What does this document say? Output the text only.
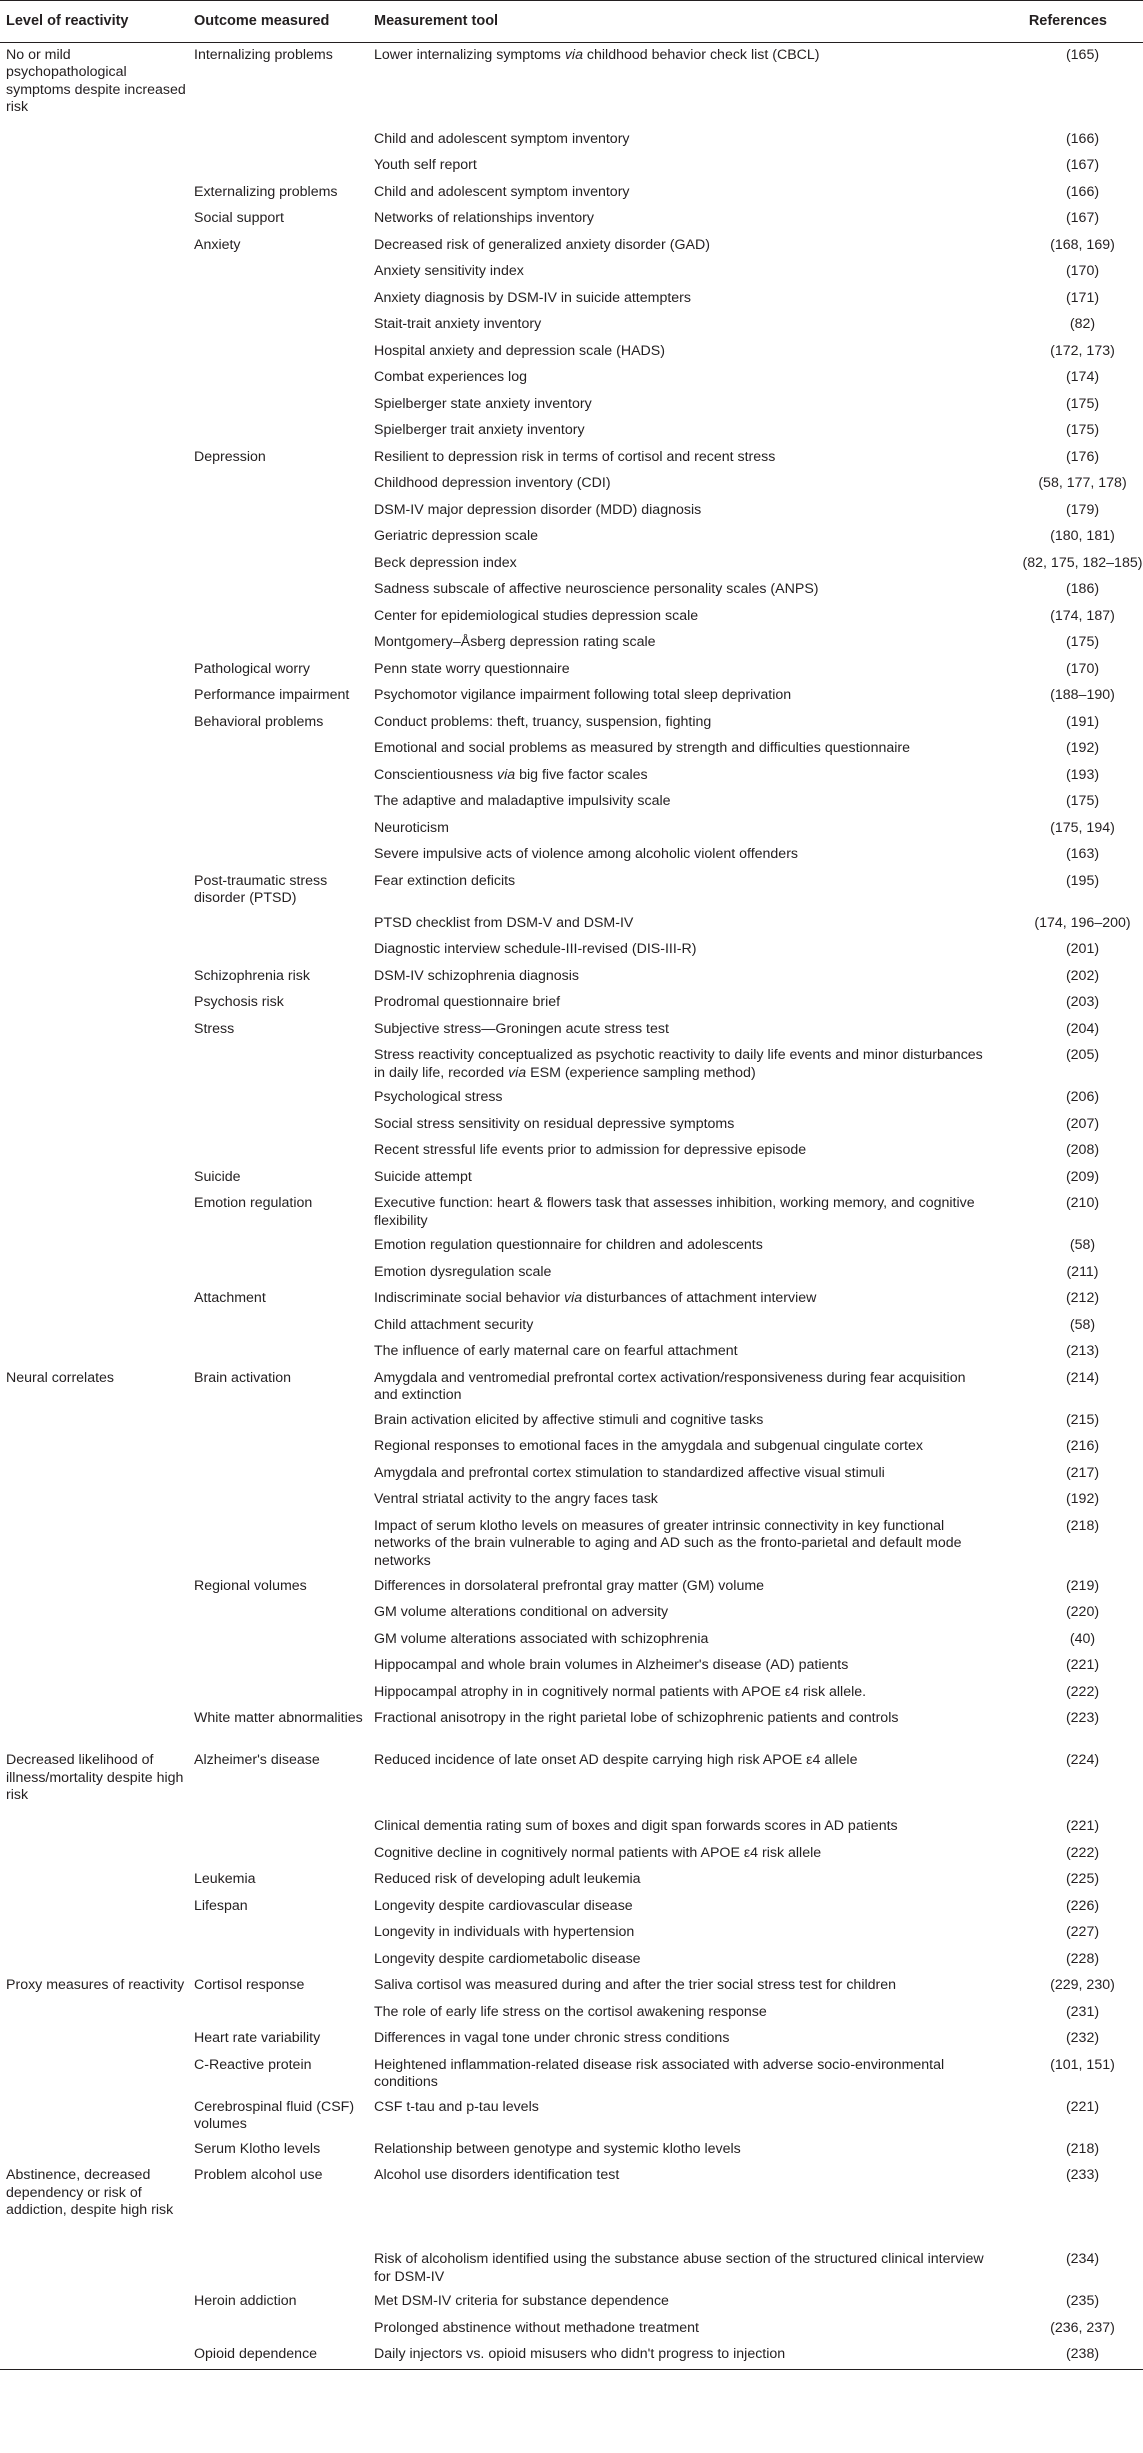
Level of reactivity	Outcome measured	Measurement tool	References
No or mild psychopathological symptoms despite increased risk	Internalizing problems	Lower internalizing symptoms via childhood behavior check list (CBCL)	(165)
		Child and adolescent symptom inventory	(166)
		Youth self report	(167)
	Externalizing problems	Child and adolescent symptom inventory	(166)
	Social support	Networks of relationships inventory	(167)
	Anxiety	Decreased risk of generalized anxiety disorder (GAD)	(168, 169)
		Anxiety sensitivity index	(170)
		Anxiety diagnosis by DSM-IV in suicide attempters	(171)
		Stait-trait anxiety inventory	(82)
		Hospital anxiety and depression scale (HADS)	(172, 173)
		Combat experiences log	(174)
		Spielberger state anxiety inventory	(175)
		Spielberger trait anxiety inventory	(175)
	Depression	Resilient to depression risk in terms of cortisol and recent stress	(176)
		Childhood depression inventory (CDI)	(58, 177, 178)
		DSM-IV major depression disorder (MDD) diagnosis	(179)
		Geriatric depression scale	(180, 181)
		Beck depression index	(82, 175, 182–185)
		Sadness subscale of affective neuroscience personality scales (ANPS)	(186)
		Center for epidemiological studies depression scale	(174, 187)
		Montgomery–Åsberg depression rating scale	(175)
	Pathological worry	Penn state worry questionnaire	(170)
	Performance impairment	Psychomotor vigilance impairment following total sleep deprivation	(188–190)
	Behavioral problems	Conduct problems: theft, truancy, suspension, fighting	(191)
		Emotional and social problems as measured by strength and difficulties questionnaire	(192)
		Conscientiousness via big five factor scales	(193)
		The adaptive and maladaptive impulsivity scale	(175)
		Neuroticism	(175, 194)
		Severe impulsive acts of violence among alcoholic violent offenders	(163)
	Post-traumatic stress disorder (PTSD)	Fear extinction deficits	(195)
		PTSD checklist from DSM-V and DSM-IV	(174, 196–200)
		Diagnostic interview schedule-III-revised (DIS-III-R)	(201)
	Schizophrenia risk	DSM-IV schizophrenia diagnosis	(202)
	Psychosis risk	Prodromal questionnaire brief	(203)
	Stress	Subjective stress—Groningen acute stress test	(204)
		Stress reactivity conceptualized as psychotic reactivity to daily life events and minor disturbances in daily life, recorded via ESM (experience sampling method)	(205)
		Psychological stress	(206)
		Social stress sensitivity on residual depressive symptoms	(207)
		Recent stressful life events prior to admission for depressive episode	(208)
	Suicide	Suicide attempt	(209)
	Emotion regulation	Executive function: heart & flowers task that assesses inhibition, working memory, and cognitive flexibility	(210)
		Emotion regulation questionnaire for children and adolescents	(58)
		Emotion dysregulation scale	(211)
	Attachment	Indiscriminate social behavior via disturbances of attachment interview	(212)
		Child attachment security	(58)
		The influence of early maternal care on fearful attachment	(213)
Neural correlates	Brain activation	Amygdala and ventromedial prefrontal cortex activation/responsiveness during fear acquisition and extinction	(214)
		Brain activation elicited by affective stimuli and cognitive tasks	(215)
		Regional responses to emotional faces in the amygdala and subgenual cingulate cortex	(216)
		Amygdala and prefrontal cortex stimulation to standardized affective visual stimuli	(217)
		Ventral striatal activity to the angry faces task	(192)
		Impact of serum klotho levels on measures of greater intrinsic connectivity in key functional networks of the brain vulnerable to aging and AD such as the fronto-parietal and default mode networks	(218)
	Regional volumes	Differences in dorsolateral prefrontal gray matter (GM) volume	(219)
		GM volume alterations conditional on adversity	(220)
		GM volume alterations associated with schizophrenia	(40)
		Hippocampal and whole brain volumes in Alzheimer's disease (AD) patients	(221)
		Hippocampal atrophy in in cognitively normal patients with APOE ε4 risk allele.	(222)
	White matter abnormalities	Fractional anisotropy in the right parietal lobe of schizophrenic patients and controls	(223)
Decreased likelihood of illness/mortality despite high risk	Alzheimer's disease	Reduced incidence of late onset AD despite carrying high risk APOE ε4 allele	(224)
		Clinical dementia rating sum of boxes and digit span forwards scores in AD patients	(221)
		Cognitive decline in cognitively normal patients with APOE ε4 risk allele	(222)
	Leukemia	Reduced risk of developing adult leukemia	(225)
	Lifespan	Longevity despite cardiovascular disease	(226)
		Longevity in individuals with hypertension	(227)
		Longevity despite cardiometabolic disease	(228)
Proxy measures of reactivity	Cortisol response	Saliva cortisol was measured during and after the trier social stress test for children	(229, 230)
		The role of early life stress on the cortisol awakening response	(231)
	Heart rate variability	Differences in vagal tone under chronic stress conditions	(232)
	C-Reactive protein	Heightened inflammation-related disease risk associated with adverse socio-environmental conditions	(101, 151)
	Cerebrospinal fluid (CSF) volumes	CSF t-tau and p-tau levels	(221)
	Serum Klotho levels	Relationship between genotype and systemic klotho levels	(218)
Abstinence, decreased dependency or risk of addiction, despite high risk	Problem alcohol use	Alcohol use disorders identification test	(233)
		Risk of alcoholism identified using the substance abuse section of the structured clinical interview for DSM-IV	(234)
	Heroin addiction	Met DSM-IV criteria for substance dependence	(235)
		Prolonged abstinence without methadone treatment	(236, 237)
	Opioid dependence	Daily injectors vs. opioid misusers who didn't progress to injection	(238)
